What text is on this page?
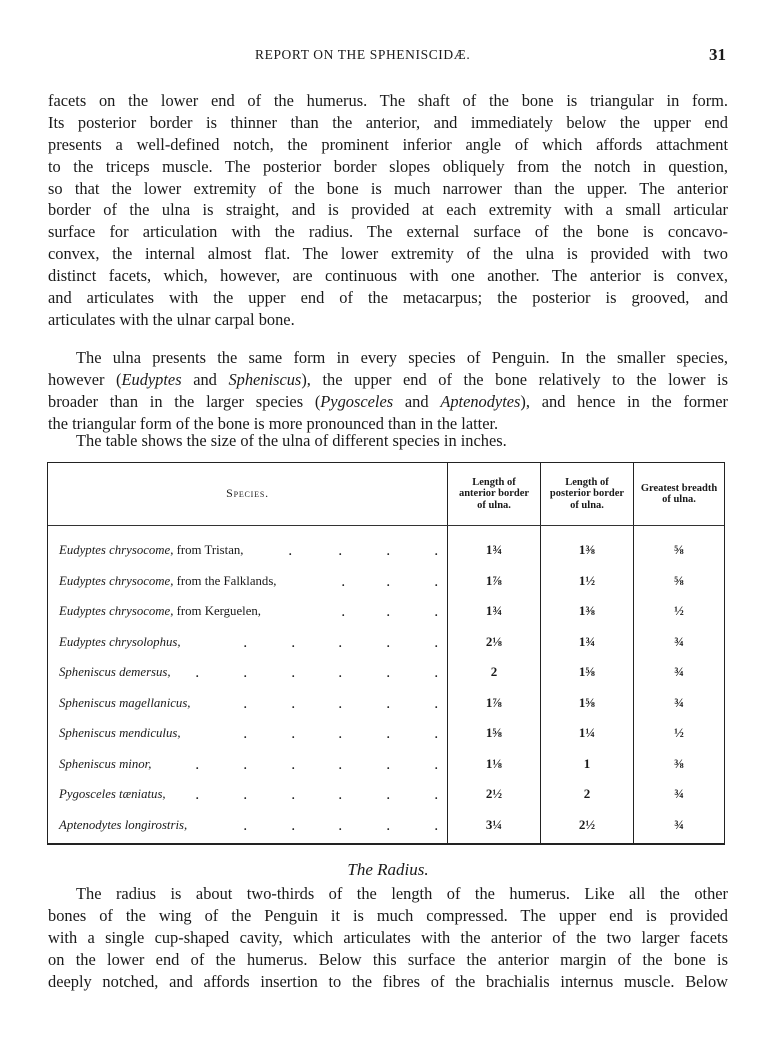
REPORT ON THE SPHENISCIDÆ.	31
facets on the lower end of the humerus. The shaft of the bone is triangular in form.
Its posterior border is thinner than the anterior, and immediately below the upper end
presents a well-defined notch, the prominent inferior angle of which affords attachment
to the triceps muscle. The posterior border slopes obliquely from the notch in question,
so that the lower extremity of the bone is much narrower than the upper. The anterior
border of the ulna is straight, and is provided at each extremity with a small articular
surface for articulation with the radius. The external surface of the bone is concavo-
convex, the internal almost flat. The lower extremity of the ulna is provided with two
distinct facets, which, however, are continuous with one another. The anterior is convex,
and articulates with the upper end of the metacarpus; the posterior is grooved, and
articulates with the ulnar carpal bone.
The ulna presents the same form in every species of Penguin. In the smaller species,
however (Eudyptes and Spheniscus), the upper end of the bone relatively to the lower is
broader than in the larger species (Pygosceles and Aptenodytes), and hence in the former
the triangular form of the bone is more pronounced than in the latter.
The table shows the size of the ulna of different species in inches.
Species.
Length of
anterior border
of ulna.
Length of
posterior border
of ulna.
Greatest breadth
of ulna.
Eudyptes chrysocome, from Tristan,	.	.	.	.	1¾	1⅜	⅝
Eudyptes chrysocome, from the Falklands,	.	.	.	1⅞	1½	⅝
Eudyptes chrysocome, from Kerguelen,	.	.	.	1¾	1⅜	½
Eudyptes chrysolophus,	.	.	.	.	.	2⅛	1¾	¾
Spheniscus demersus,	.	.	.	.	.	.	2	1⅝	¾
Spheniscus magellanicus,	.	.	.	.	.	1⅞	1⅝	¾
Spheniscus mendiculus,	.	.	.	.	.	1⅝	1¼	½
Spheniscus minor,	.	.	.	.	.	.	1⅛	1	⅜
Pygosceles tæniatus,	.	.	.	.	.	.	2½	2	¾
Aptenodytes longirostris,	.	.	.	.	.	3¼	2½	¾
The Radius.
The radius is about two-thirds of the length of the humerus. Like all the other
bones of the wing of the Penguin it is much compressed. The upper end is provided
with a single cup-shaped cavity, which articulates with the anterior of the two larger facets
on the lower end of the humerus. Below this surface the anterior margin of the bone is
deeply notched, and affords insertion to the fibres of the brachialis internus muscle. Below
